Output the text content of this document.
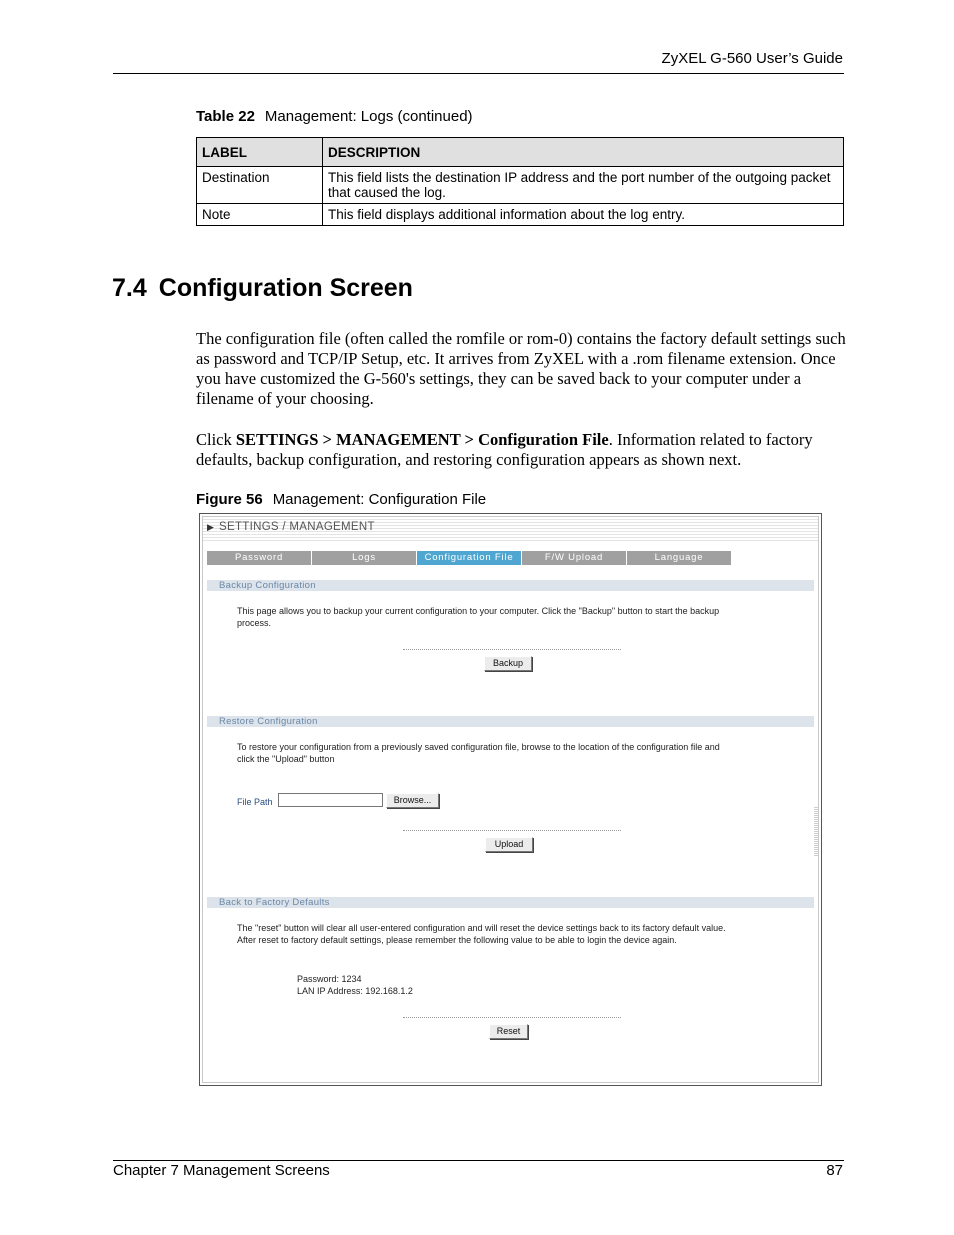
ZyXEL G-560 User’s Guide
Table 22 Management: Logs (continued)
LABEL	DESCRIPTION
Destination	This field lists the destination IP address and the port number of the outgoing packet that caused the log.
Note	This field displays additional information about the log entry.
7.4 Configuration Screen

The configuration file (often called the romfile or rom-0) contains the factory default settings such as password and TCP/IP Setup, etc. It arrives from ZyXEL with a .rom filename extension. Once you have customized the G-560's settings, they can be saved back to your computer under a filename of your choosing.

Click SETTINGS > MANAGEMENT > Configuration File. Information related to factory defaults, backup configuration, and restoring configuration appears as shown next.

Figure 56 Management: Configuration File
▶ SETTINGS / MANAGEMENT
Password	Logs	Configuration File	F/W Upload	Language
Backup Configuration
This page allows you to backup your current configuration to your computer. Click the "Backup" button to start the backup
process.
Backup
Restore Configuration
To restore your configuration from a previously saved configuration file, browse to the location of the configuration file and
click the "Upload" button
File Path	Browse...
Upload
Back to Factory Defaults
The "reset" button will clear all user-entered configuration and will reset the device settings back to its factory default value.
After reset to factory default settings, please remember the following value to be able to login the device again.
Password: 1234
LAN IP Address: 192.168.1.2
Reset
Chapter 7 Management Screens	87
